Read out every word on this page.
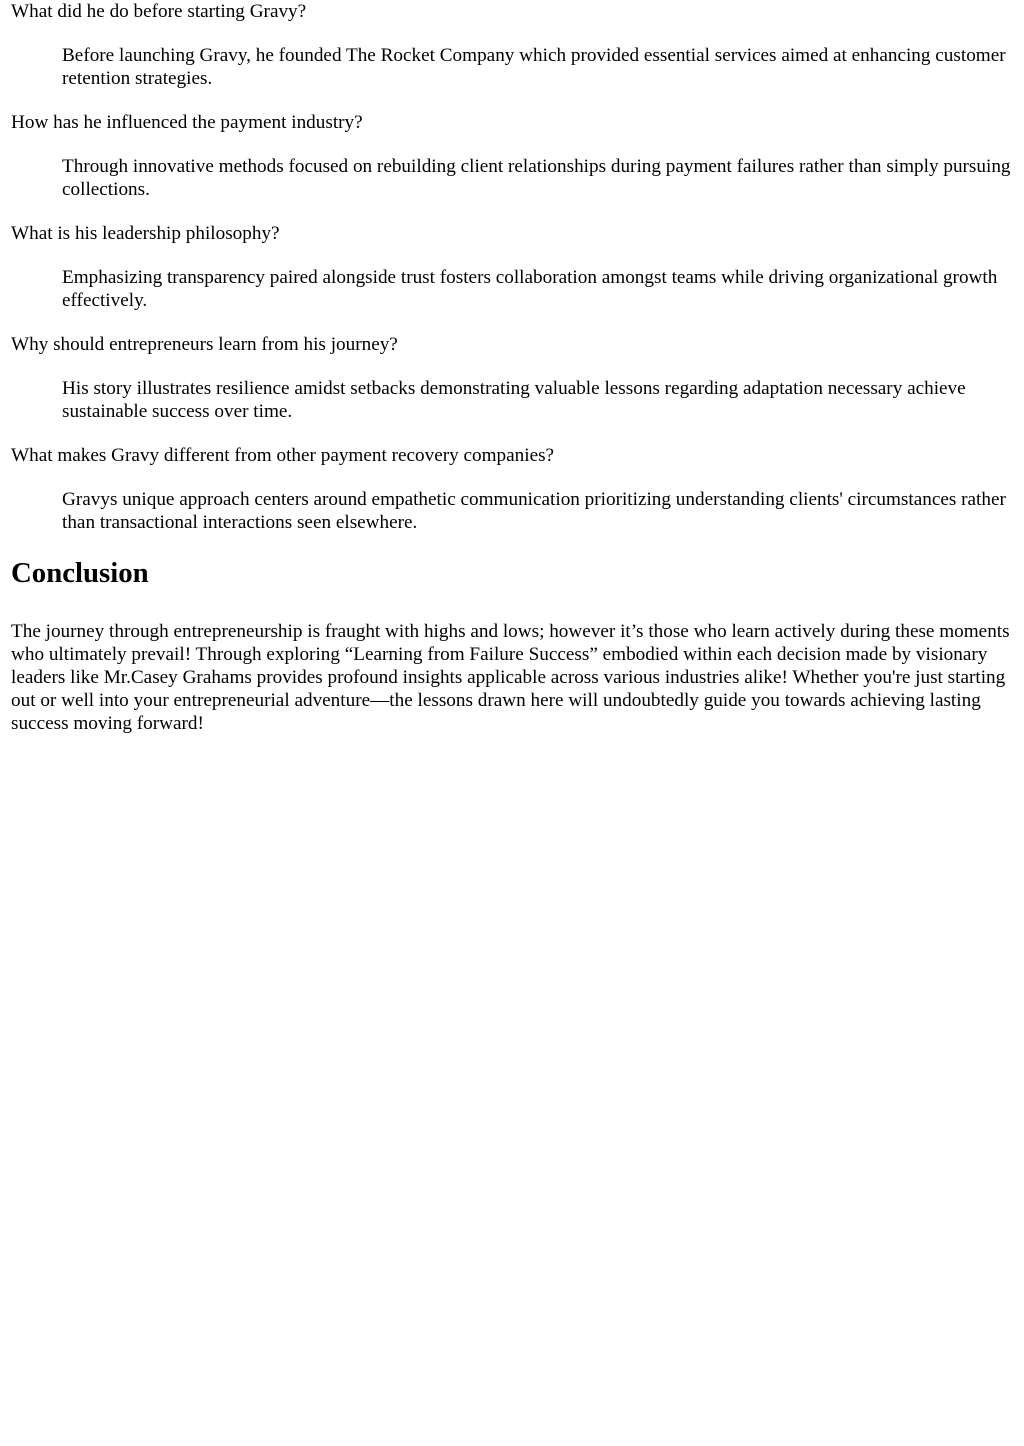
What did he do before starting Gravy?
Before launching Gravy, he founded The Rocket Company which provided essential services aimed at enhancing customer retention strategies.
How has he influenced the payment industry?
Through innovative methods focused on rebuilding client relationships during payment failures rather than simply pursuing collections.
What is his leadership philosophy?
Emphasizing transparency paired alongside trust fosters collaboration amongst teams while driving organizational growth effectively.
Why should entrepreneurs learn from his journey?
His story illustrates resilience amidst setbacks demonstrating valuable lessons regarding adaptation necessary achieve sustainable success over time.
What makes Gravy different from other payment recovery companies?
Gravys unique approach centers around empathetic communication prioritizing understanding clients' circumstances rather than transactional interactions seen elsewhere.
Conclusion

The journey through entrepreneurship is fraught with highs and lows; however it’s those who learn actively during these moments who ultimately prevail! Through exploring “Learning from Failure Success” embodied within each decision made by visionary leaders like Mr.Casey Grahams provides profound insights applicable across various industries alike! Whether you're just starting out or well into your entrepreneurial adventure—the lessons drawn here will undoubtedly guide you towards achieving lasting success moving forward!
